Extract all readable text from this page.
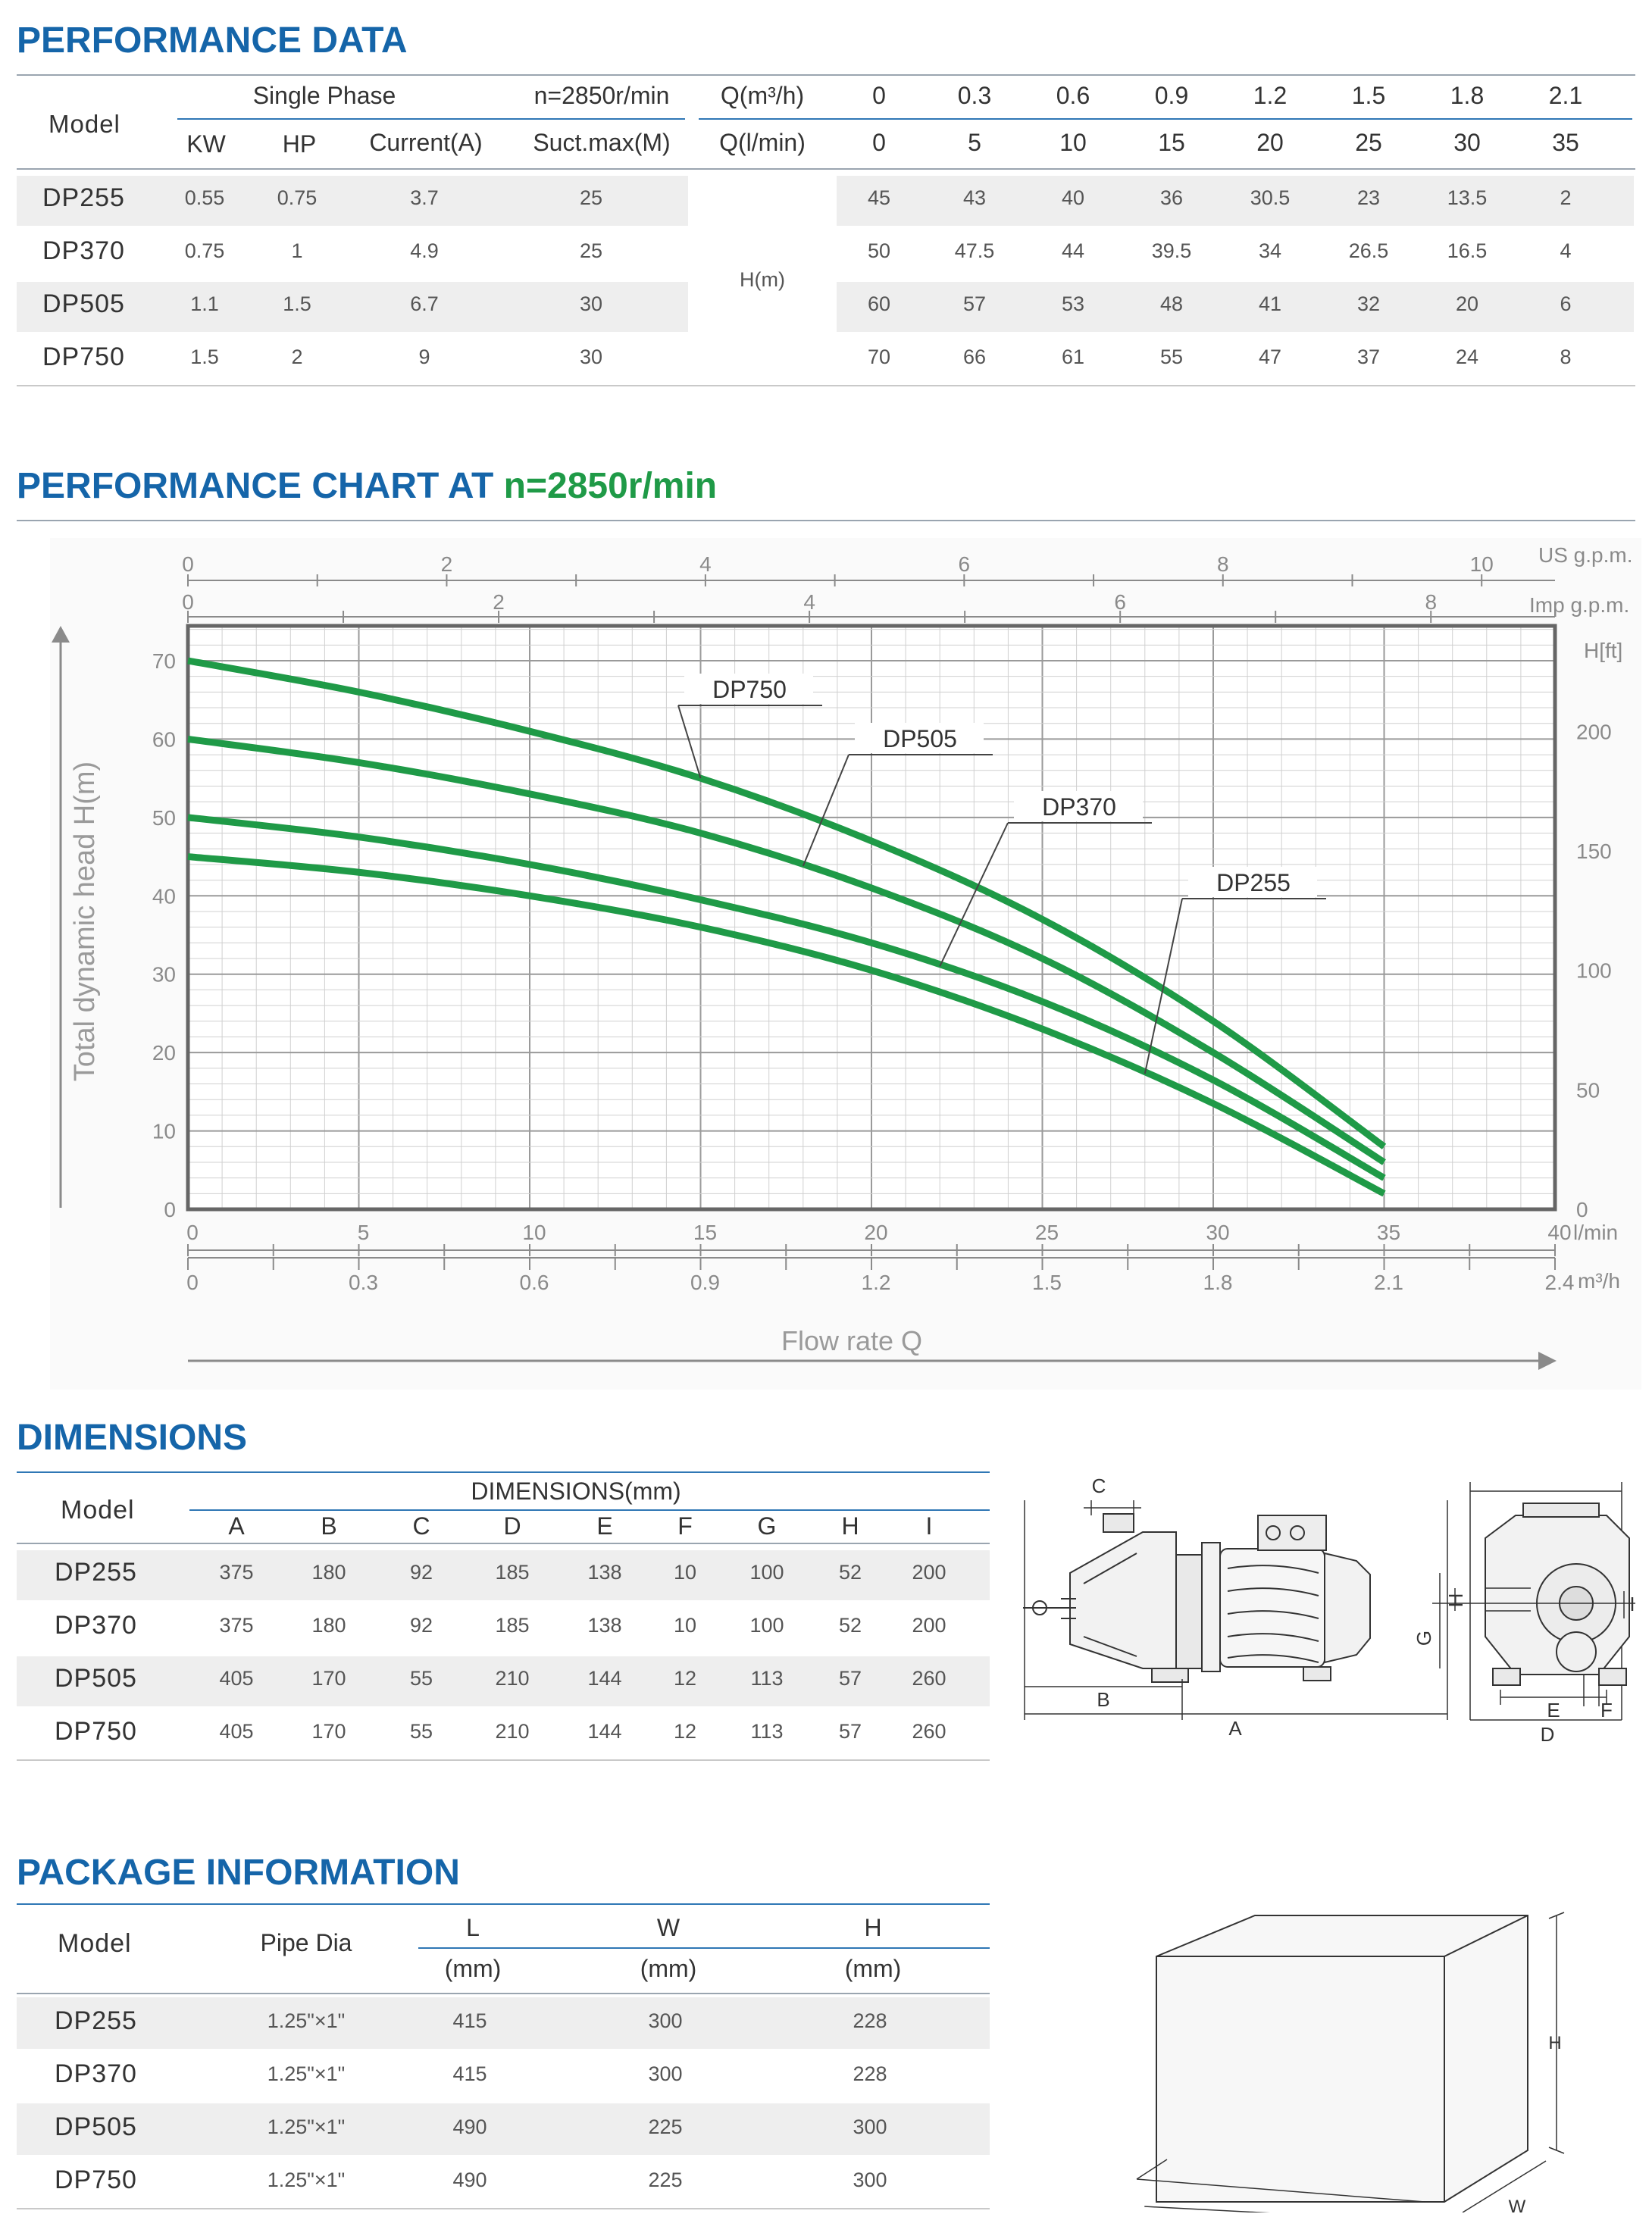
PERFORMANCE DATA
Model
Single Phase
KW HP Current(A)
n=2850r/min
Suct.max(M)
Q(m³/h)
Q(l/min)
0	0.3	0.6	0.9	1.2	1.5	1.8	2.1
0	5	10	15	20	25	30	35
H(m)
DP255	0.55	0.75	3.7	25	45	43	40	36	30.5	23	13.5	2
DP370	0.75	1	4.9	25	50	47.5	44	39.5	34	26.5	16.5	4
DP505	1.1	1.5	6.7	30	60	57	53	48	41	32	20	6
DP750	1.5	2	9	30	70	66	61	55	47	37	24	8
PERFORMANCE CHART AT n=2850r/min
0
10
20
30
40
50
60
70
0
50
100
150
200
H[ft]
Total dynamic head H(m)
0	2	4	6	8	10
0	2	4	6	8
US g.p.m.
Imp g.p.m.
0	5	10	15	20	25	30	35	40 l/min
0	0.3	0.6	0.9	1.2	1.5	1.8	2.1	2.4 m³/h
Flow rate Q
DP750
DP505
DP370
DP255
DIMENSIONS
Model
DIMENSIONS(mm)
A	B	C	D	E	F	G	H	I
DP255	375	180	92	185	138	10	100	52 200
DP370	375	180	92	185	138	10	100	52 200
DP505	405	170	55	210	144	12	113	57 260
DP750	405	170	55	210	144	12	113	57 260
C
B
A
G
H	I
E F
D
PACKAGE INFORMATION
Model	Pipe Dia
L	W	H
(mm)	(mm)	(mm)
DP255	1.25"×1"	415	300	228
DP370	1.25"×1"	415	300	228
DP505	1.25"×1"	490	225	300
DP750	1.25"×1"	490	225	300
H
W
